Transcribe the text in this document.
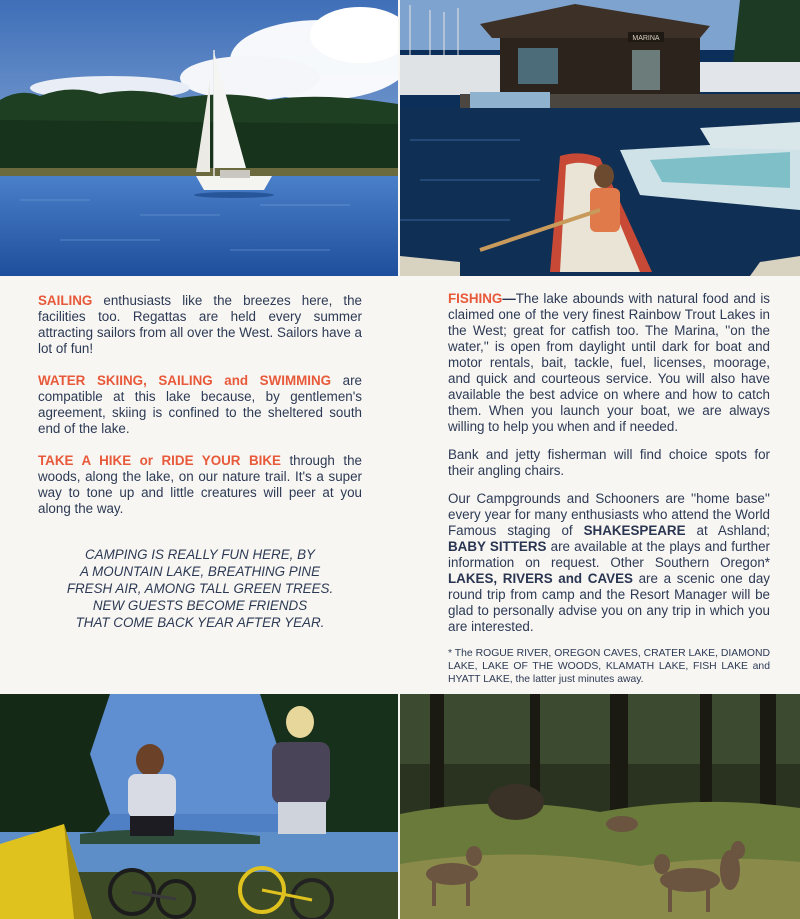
MARINA

SAILING enthusiasts like the breezes here, the facilities too. Regattas are held every summer attracting sailors from all over the West. Sailors have a lot of fun!

WATER SKIING, SAILING and SWIMMING are compatible at this lake because, by gentlemen's agreement, skiing is confined to the sheltered south end of the lake.

TAKE A HIKE or RIDE YOUR BIKE through the woods, along the lake, on our nature trail. It's a super way to tone up and little creatures will peer at you along the way.

CAMPING IS REALLY FUN HERE, BY
A MOUNTAIN LAKE, BREATHING PINE
FRESH AIR, AMONG TALL GREEN TREES.
NEW GUESTS BECOME FRIENDS
THAT COME BACK YEAR AFTER YEAR.

FISHING—The lake abounds with natural food and is claimed one of the very finest Rainbow Trout Lakes in the West; great for catfish too. The Marina, ''on the water,'' is open from daylight until dark for boat and motor rentals, bait, tackle, fuel, licenses, moorage, and quick and courteous service. You will also have available the best advice on where and how to catch them. When you launch your boat, we are always willing to help you when and if needed.

Bank and jetty fisherman will find choice spots for their angling chairs.

Our Campgrounds and Schooners are ''home base'' every year for many enthusiasts who attend the World Famous staging of SHAKESPEARE at Ashland; BABY SITTERS are available at the plays and further information on request. Other Southern Oregon* LAKES, RIVERS and CAVES are a scenic one day round trip from camp and the Resort Manager will be glad to personally advise you on any trip in which you are interested.

* The ROGUE RIVER, OREGON CAVES, CRATER LAKE, DIAMOND LAKE, LAKE OF THE WOODS, KLAMATH LAKE, FISH LAKE and HYATT LAKE, the latter just minutes away.
